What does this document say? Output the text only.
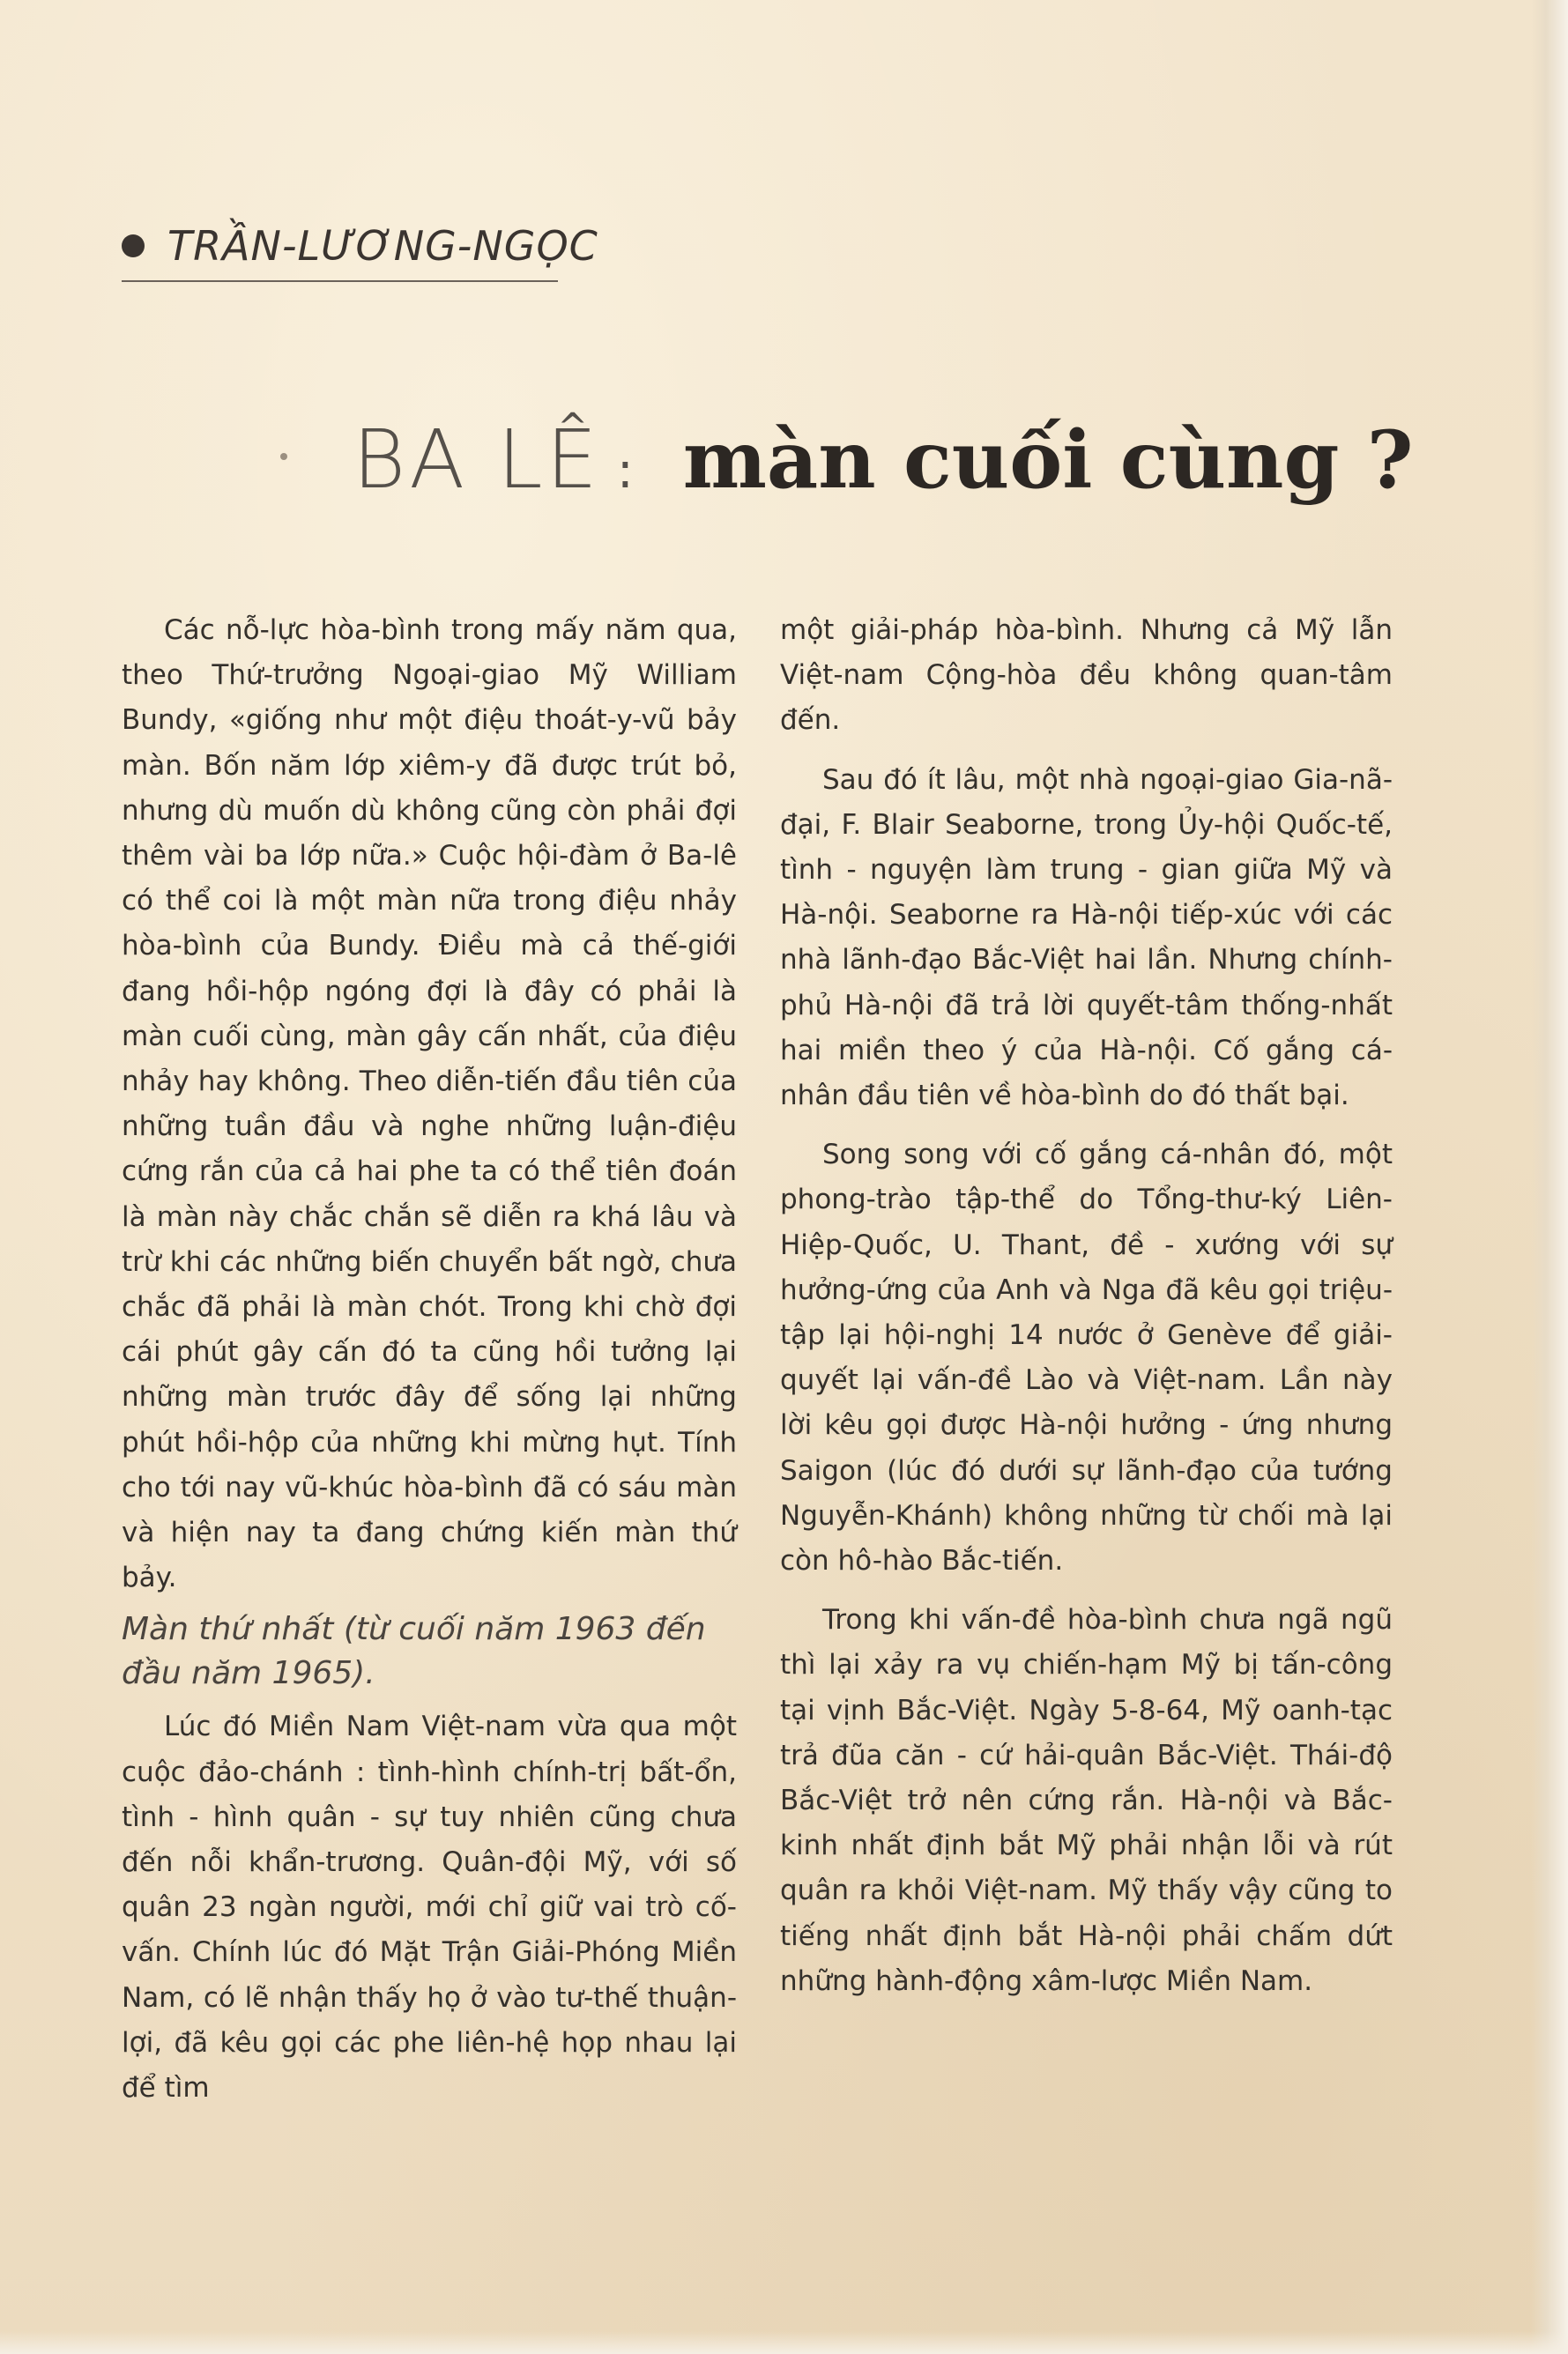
TRẦN-LƯƠNG-NGỌC
BA LÊ : màn cuối cùng ?

Các nỗ-lực hòa-bình trong mấy năm qua, theo Thứ-trưởng Ngoại-giao Mỹ William Bundy, «giống như một điệu thoát-y-vũ bảy màn. Bốn năm lớp xiêm-y đã được trút bỏ, nhưng dù muốn dù không cũng còn phải đợi thêm vài ba lớp nữa.» Cuộc hội-đàm ở Ba-lê có thể coi là một màn nữa trong điệu nhảy hòa-bình của Bundy. Điều mà cả thế-giới đang hồi-hộp ngóng đợi là đây có phải là màn cuối cùng, màn gây cấn nhất, của điệu nhảy hay không. Theo diễn-tiến đầu tiên của những tuần đầu và nghe những luận-điệu cứng rắn của cả hai phe ta có thể tiên đoán là màn này chắc chắn sẽ diễn ra khá lâu và trừ khi các những biến chuyển bất ngờ, chưa chắc đã phải là màn chót. Trong khi chờ đợi cái phút gây cấn đó ta cũng hồi tưởng lại những màn trước đây để sống lại những phút hồi-hộp của những khi mừng hụt. Tính cho tới nay vũ-khúc hòa-bình đã có sáu màn và hiện nay ta đang chứng kiến màn thứ bảy.

Màn thứ nhất (từ cuối năm 1963 đến đầu năm 1965).

Lúc đó Miền Nam Việt-nam vừa qua một cuộc đảo-chánh : tình-hình chính-trị bất-ổn, tình - hình quân - sự tuy nhiên cũng chưa đến nỗi khẩn-trương. Quân-đội Mỹ, với số quân 23 ngàn người, mới chỉ giữ vai trò cố-vấn. Chính lúc đó Mặt Trận Giải-Phóng Miền Nam, có lẽ nhận thấy họ ở vào tư-thế thuận-lợi, đã kêu gọi các phe liên-hệ họp nhau lại để tìm

một giải-pháp hòa-bình. Nhưng cả Mỹ lẫn Việt-nam Cộng-hòa đều không quan-tâm đến.

Sau đó ít lâu, một nhà ngoại-giao Gia-nã-đại, F. Blair Seaborne, trong Ủy-hội Quốc-tế, tình - nguyện làm trung - gian giữa Mỹ và Hà-nội. Seaborne ra Hà-nội tiếp-xúc với các nhà lãnh-đạo Bắc-Việt hai lần. Nhưng chính-phủ Hà-nội đã trả lời quyết-tâm thống-nhất hai miền theo ý của Hà-nội. Cố gắng cá-nhân đầu tiên về hòa-bình do đó thất bại.

Song song với cố gắng cá-nhân đó, một phong-trào tập-thể do Tổng-thư-ký Liên-Hiệp-Quốc, U. Thant, đề - xướng với sự hưởng-ứng của Anh và Nga đã kêu gọi triệu-tập lại hội-nghị 14 nước ở Genève để giải-quyết lại vấn-đề Lào và Việt-nam. Lần này lời kêu gọi được Hà-nội hưởng - ứng nhưng Saigon (lúc đó dưới sự lãnh-đạo của tướng Nguyễn-Khánh) không những từ chối mà lại còn hô-hào Bắc-tiến.

Trong khi vấn-đề hòa-bình chưa ngã ngũ thì lại xảy ra vụ chiến-hạm Mỹ bị tấn-công tại vịnh Bắc-Việt. Ngày 5-8-64, Mỹ oanh-tạc trả đũa căn - cứ hải-quân Bắc-Việt. Thái-độ Bắc-Việt trở nên cứng rắn. Hà-nội và Bắc-kinh nhất định bắt Mỹ phải nhận lỗi và rút quân ra khỏi Việt-nam. Mỹ thấy vậy cũng to tiếng nhất định bắt Hà-nội phải chấm dứt những hành-động xâm-lược Miền Nam.
